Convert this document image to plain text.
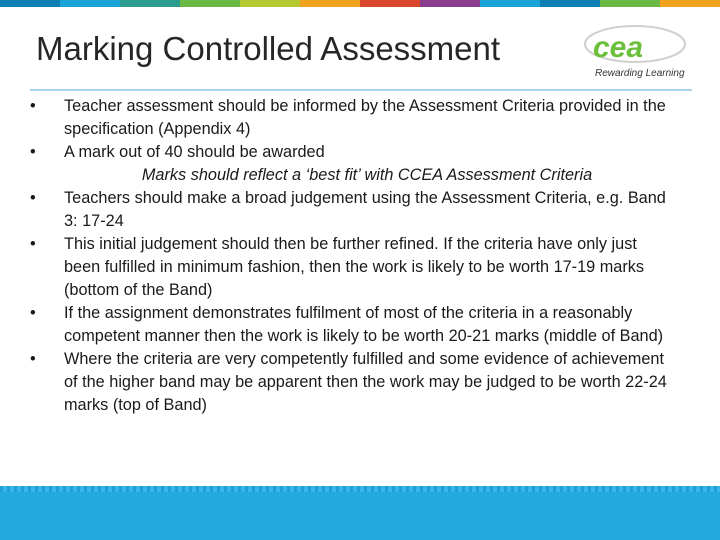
Marking Controlled Assessment	cea
Rewarding Learning
•	Teacher assessment should be informed by the Assessment Criteria provided in the specification (Appendix 4)
•	A mark out of 40 should be awarded
Marks should reflect a ‘best fit’ with CCEA Assessment Criteria
•	Teachers should make a broad judgement using the Assessment Criteria, e.g. Band 3: 17-24
•	This initial judgement should then be further refined. If the criteria have only just been fulfilled in minimum fashion, then the work is likely to be worth 17-19 marks (bottom of the Band)
•	If the assignment demonstrates fulfilment of most of the criteria in a reasonably competent manner then the work is likely to be worth 20-21 marks (middle of Band)
•	Where the criteria are very competently fulfilled and some evidence of achievement of the higher band may be apparent then the work may be judged to be worth 22-24 marks (top of Band)
